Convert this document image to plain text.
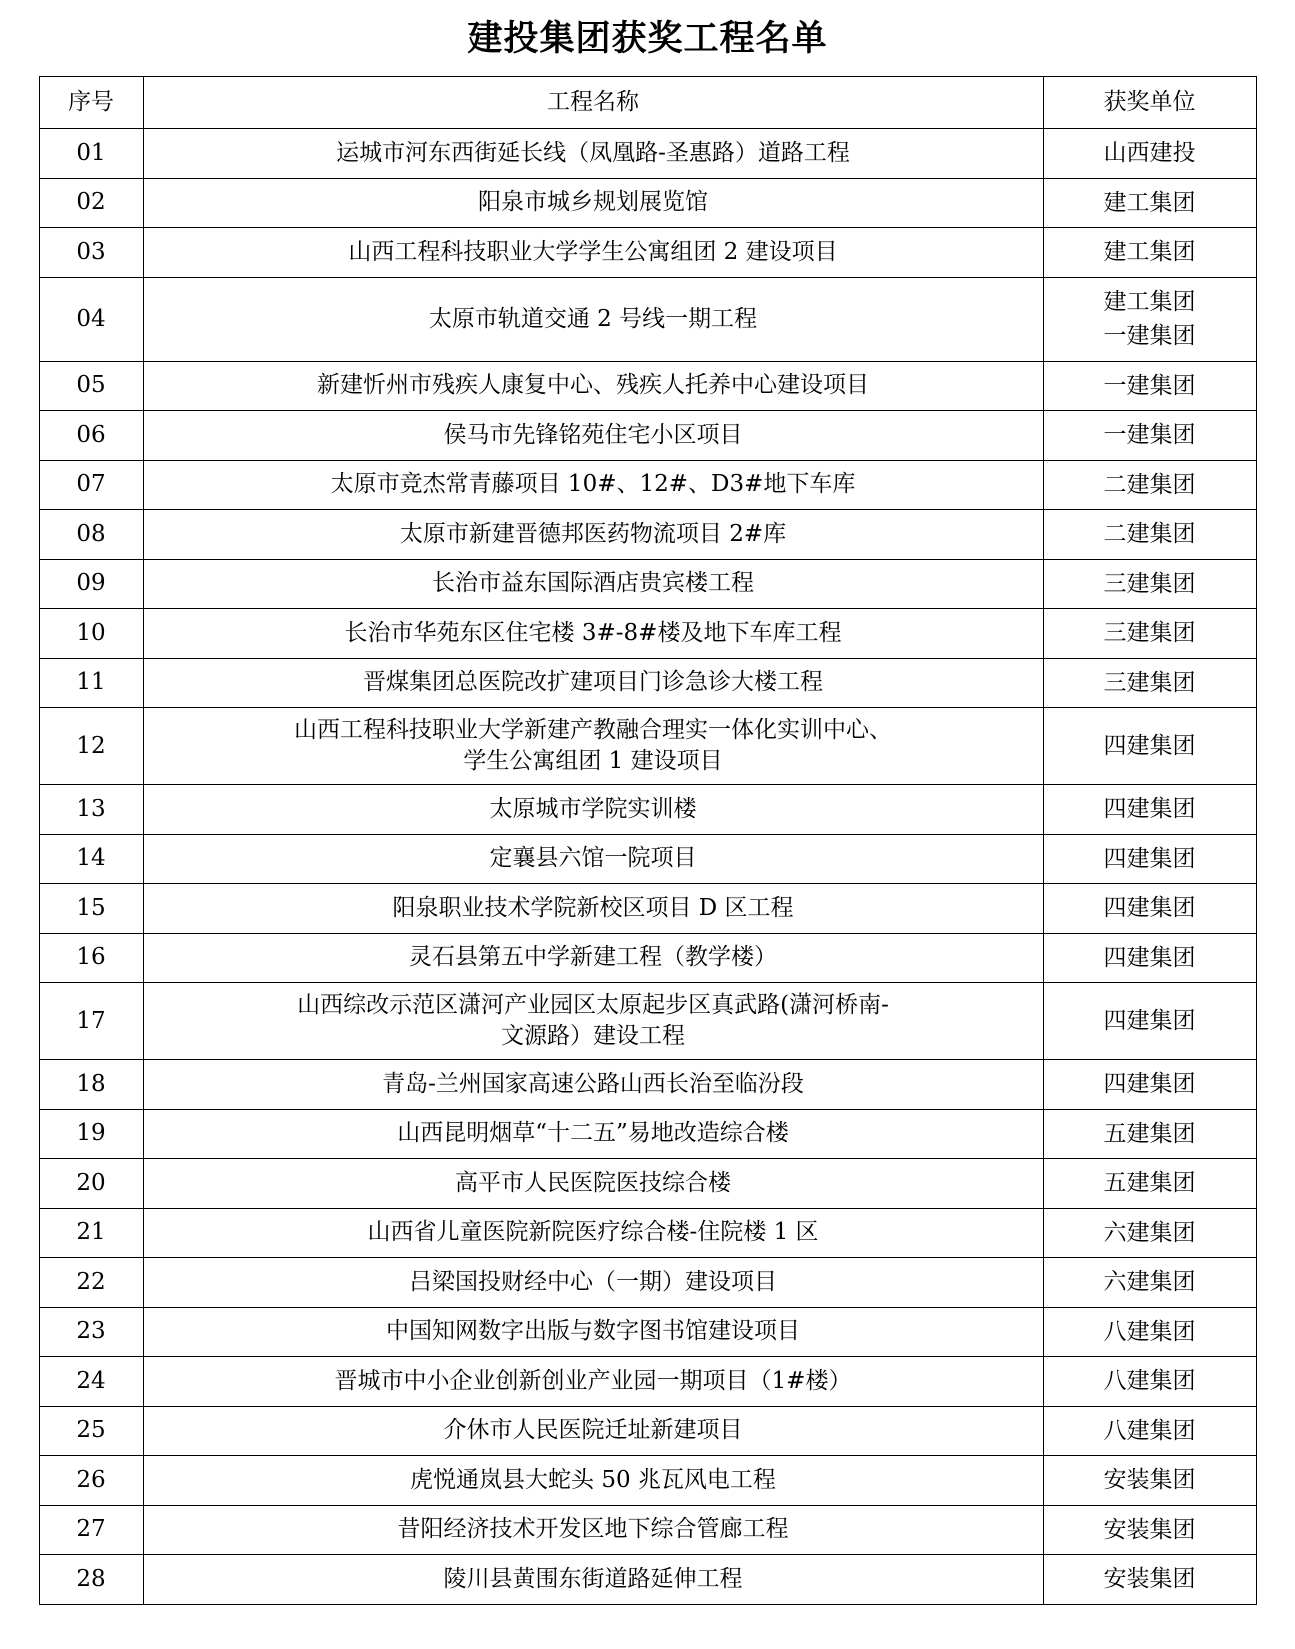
建投集团获奖工程名单
序号	工程名称	获奖单位
01	运城市河东西街延长线（凤凰路-圣惠路）道路工程	山西建投

02	阳泉市城乡规划展览馆	建工集团

03	山西工程科技职业大学学生公寓组团 2 建设项目	建工集团

04	太原市轨道交通 2 号线一期工程	建工集团
一建集团

05	新建忻州市残疾人康复中心、残疾人托养中心建设项目	一建集团

06	侯马市先锋铭苑住宅小区项目	一建集团

07	太原市竞杰常青藤项目 10#、12#、D3#地下车库	二建集团

08	太原市新建晋德邦医药物流项目 2#库	二建集团

09	长治市益东国际酒店贵宾楼工程	三建集团

10	长治市华苑东区住宅楼 3#-8#楼及地下车库工程	三建集团

11	晋煤集团总医院改扩建项目门诊急诊大楼工程	三建集团

12	山西工程科技职业大学新建产教融合理实一体化实训中心、
学生公寓组团 1 建设项目	四建集团

13	太原城市学院实训楼	四建集团

14	定襄县六馆一院项目	四建集团

15	阳泉职业技术学院新校区项目 D 区工程	四建集团

16	灵石县第五中学新建工程（教学楼）	四建集团

17	山西综改示范区潇河产业园区太原起步区真武路(潇河桥南-
文源路）建设工程	四建集团

18	青岛-兰州国家高速公路山西长治至临汾段	四建集团

19	山西昆明烟草“十二五”易地改造综合楼	五建集团

20	高平市人民医院医技综合楼	五建集团

21	山西省儿童医院新院医疗综合楼-住院楼 1 区	六建集团

22	吕梁国投财经中心（一期）建设项目	六建集团

23	中国知网数字出版与数字图书馆建设项目	八建集团

24	晋城市中小企业创新创业产业园一期项目（1#楼）	八建集团

25	介休市人民医院迁址新建项目	八建集团

26	虎悦通岚县大蛇头 50 兆瓦风电工程	安装集团

27	昔阳经济技术开发区地下综合管廊工程	安装集团

28	陵川县黄围东街道路延伸工程	安装集团
